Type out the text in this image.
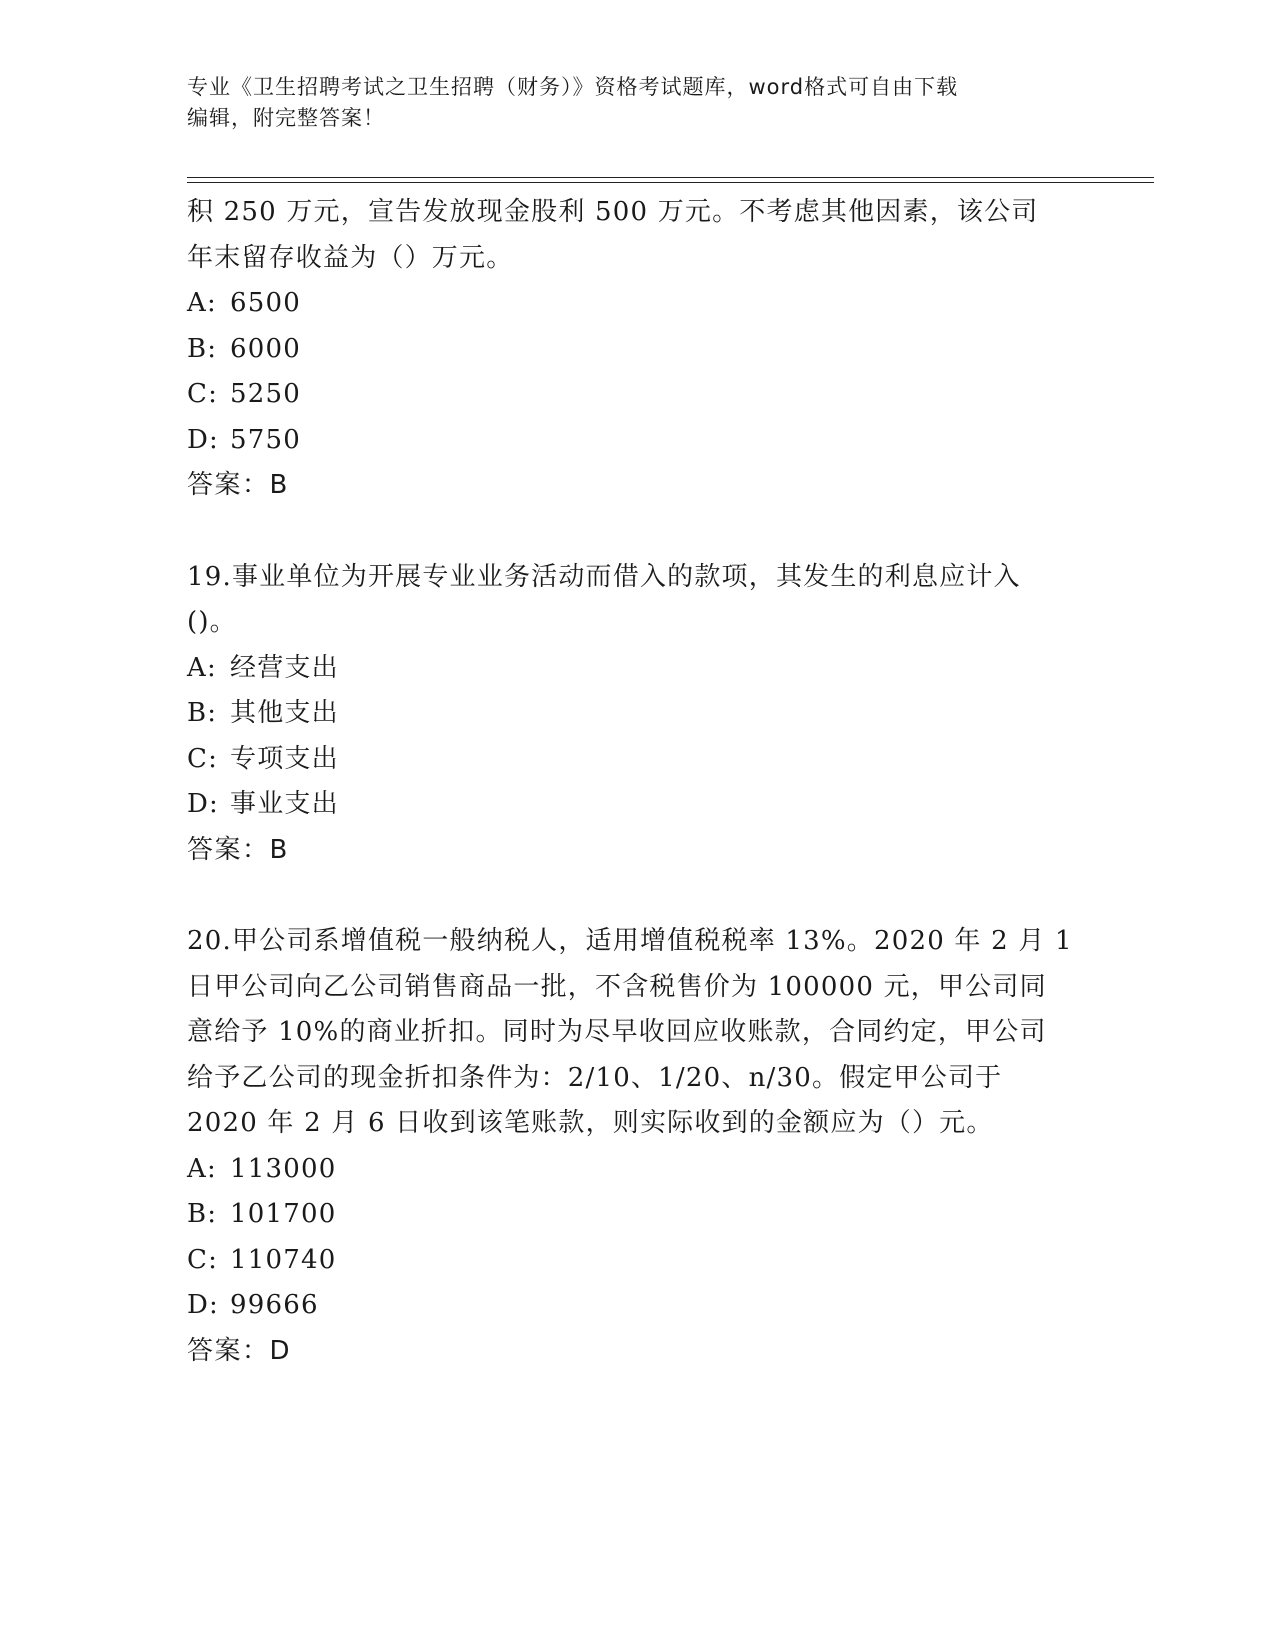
专业《卫生招聘考试之卫生招聘（财务）》资格考试题库，word格式可自由下载
编辑，附完整答案！
积 250 万元，宣告发放现金股利 500 万元。不考虑其他因素，该公司
年末留存收益为（）万元。
A: 6500
B: 6000
C: 5250
D: 5750
答案：B
19.事业单位为开展专业业务活动而借入的款项，其发生的利息应计入
()。
A: 经营支出
B: 其他支出
C: 专项支出
D: 事业支出
答案：B
20.甲公司系增值税一般纳税人，适用增值税税率 13%。2020 年 2 月 1
日甲公司向乙公司销售商品一批，不含税售价为 100000 元，甲公司同
意给予 10%的商业折扣。同时为尽早收回应收账款，合同约定，甲公司
给予乙公司的现金折扣条件为：2/10、1/20、n/30。假定甲公司于
2020 年 2 月 6 日收到该笔账款，则实际收到的金额应为（）元。
A: 113000
B: 101700
C: 110740
D: 99666
答案：D
